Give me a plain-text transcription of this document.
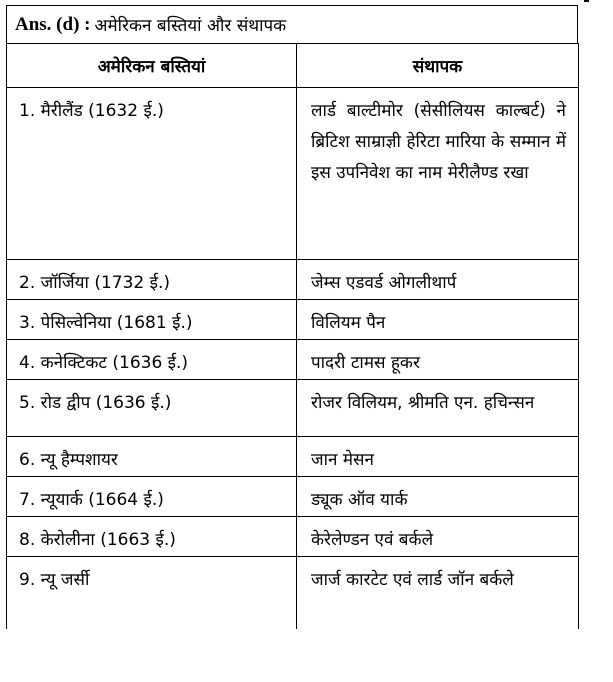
Ans. (d) : अमेरिकन बस्तियां और संथापक
अमेरिकन बस्तियां	संथापक
1. मैरीलैंड (1632 ई.)	लार्ड बाल्टीमोर (सेसीलियस काल्बर्ट) ने ब्रिटिश साम्राज्ञी हेरिटा मारिया के सम्मान में इस उपनिवेश का नाम मेरीलैण्ड रखा
2. जॉर्जिया (1732 ई.)	जेम्स एडवर्ड ओगलीथार्प
3. पेसिल्वेनिया (1681 ई.)	विलियम पैन
4. कनेक्टिकट (1636 ई.)	पादरी टामस हूकर
5. रोड द्वीप (1636 ई.)	रोजर विलियम, श्रीमति एन. हचिन्सन
6. न्यू हैम्पशायर	जान मेसन
7. न्यूयार्क (1664 ई.)	ड्यूक ऑव यार्क
8. केरोलीना (1663 ई.)	केरेलेण्डन एवं बर्कले
9. न्यू जर्सी	जार्ज कारटेट एवं लार्ड जॉन बर्कले
